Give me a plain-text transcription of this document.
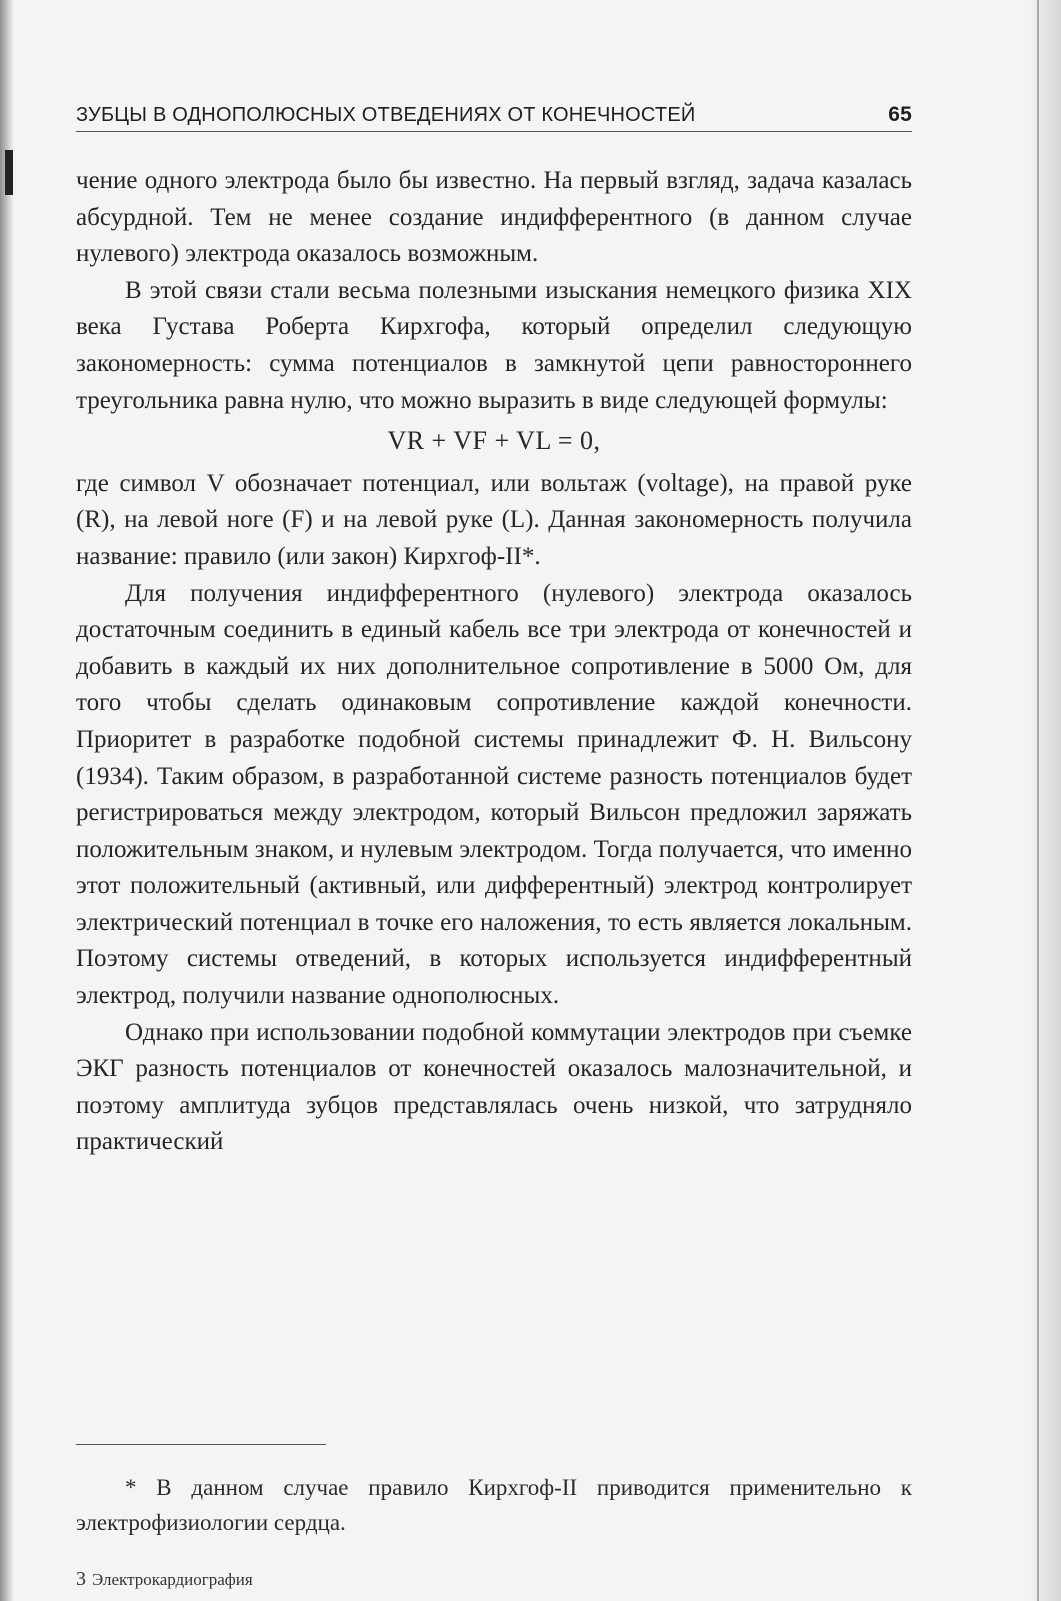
ЗУБЦЫ В ОДНОПОЛЮСНЫХ ОТВЕДЕНИЯХ ОТ КОНЕЧНОСТЕЙ	65

чение одного электрода было бы известно. На первый взгляд, задача казалась абсурдной. Тем не менее создание индифферентного (в данном случае нулевого) электрода оказалось возможным.

В этой связи стали весьма полезными изыскания немецкого физика XIX века Густава Роберта Кирхгофа, который определил следующую закономерность: сумма потенциалов в замкнутой цепи равностороннего треугольника равна нулю, что можно выразить в виде следующей формулы:

VR + VF + VL = 0,

где символ V обозначает потенциал, или вольтаж (voltage), на правой руке (R), на левой ноге (F) и на левой руке (L). Данная закономерность получила название: правило (или закон) Кирхгоф-II*.

Для получения индифферентного (нулевого) электрода оказалось достаточным соединить в единый кабель все три электрода от конечностей и добавить в каждый их них дополнительное сопротивление в 5000 Ом, для того чтобы сделать одинаковым сопротивление каждой конечности. Приоритет в разработке подобной системы принадлежит Ф. Н. Вильсону (1934). Таким образом, в разработанной системе разность потенциалов будет регистрироваться между электродом, который Вильсон предложил заряжать положительным знаком, и нулевым электродом. Тогда получается, что именно этот положительный (активный, или дифферентный) электрод контролирует электрический потенциал в точке его наложения, то есть является локальным. Поэтому системы отведений, в которых используется индифферентный электрод, получили название однополюсных.

Однако при использовании подобной коммутации электродов при съемке ЭКГ разность потенциалов от конечностей оказалось малозначительной, и поэтому амплитуда зубцов представлялась очень низкой, что затрудняло практический

* В данном случае правило Кирхгоф-II приводится применительно к электрофизиологии сердца.
3 Электрокардиография
